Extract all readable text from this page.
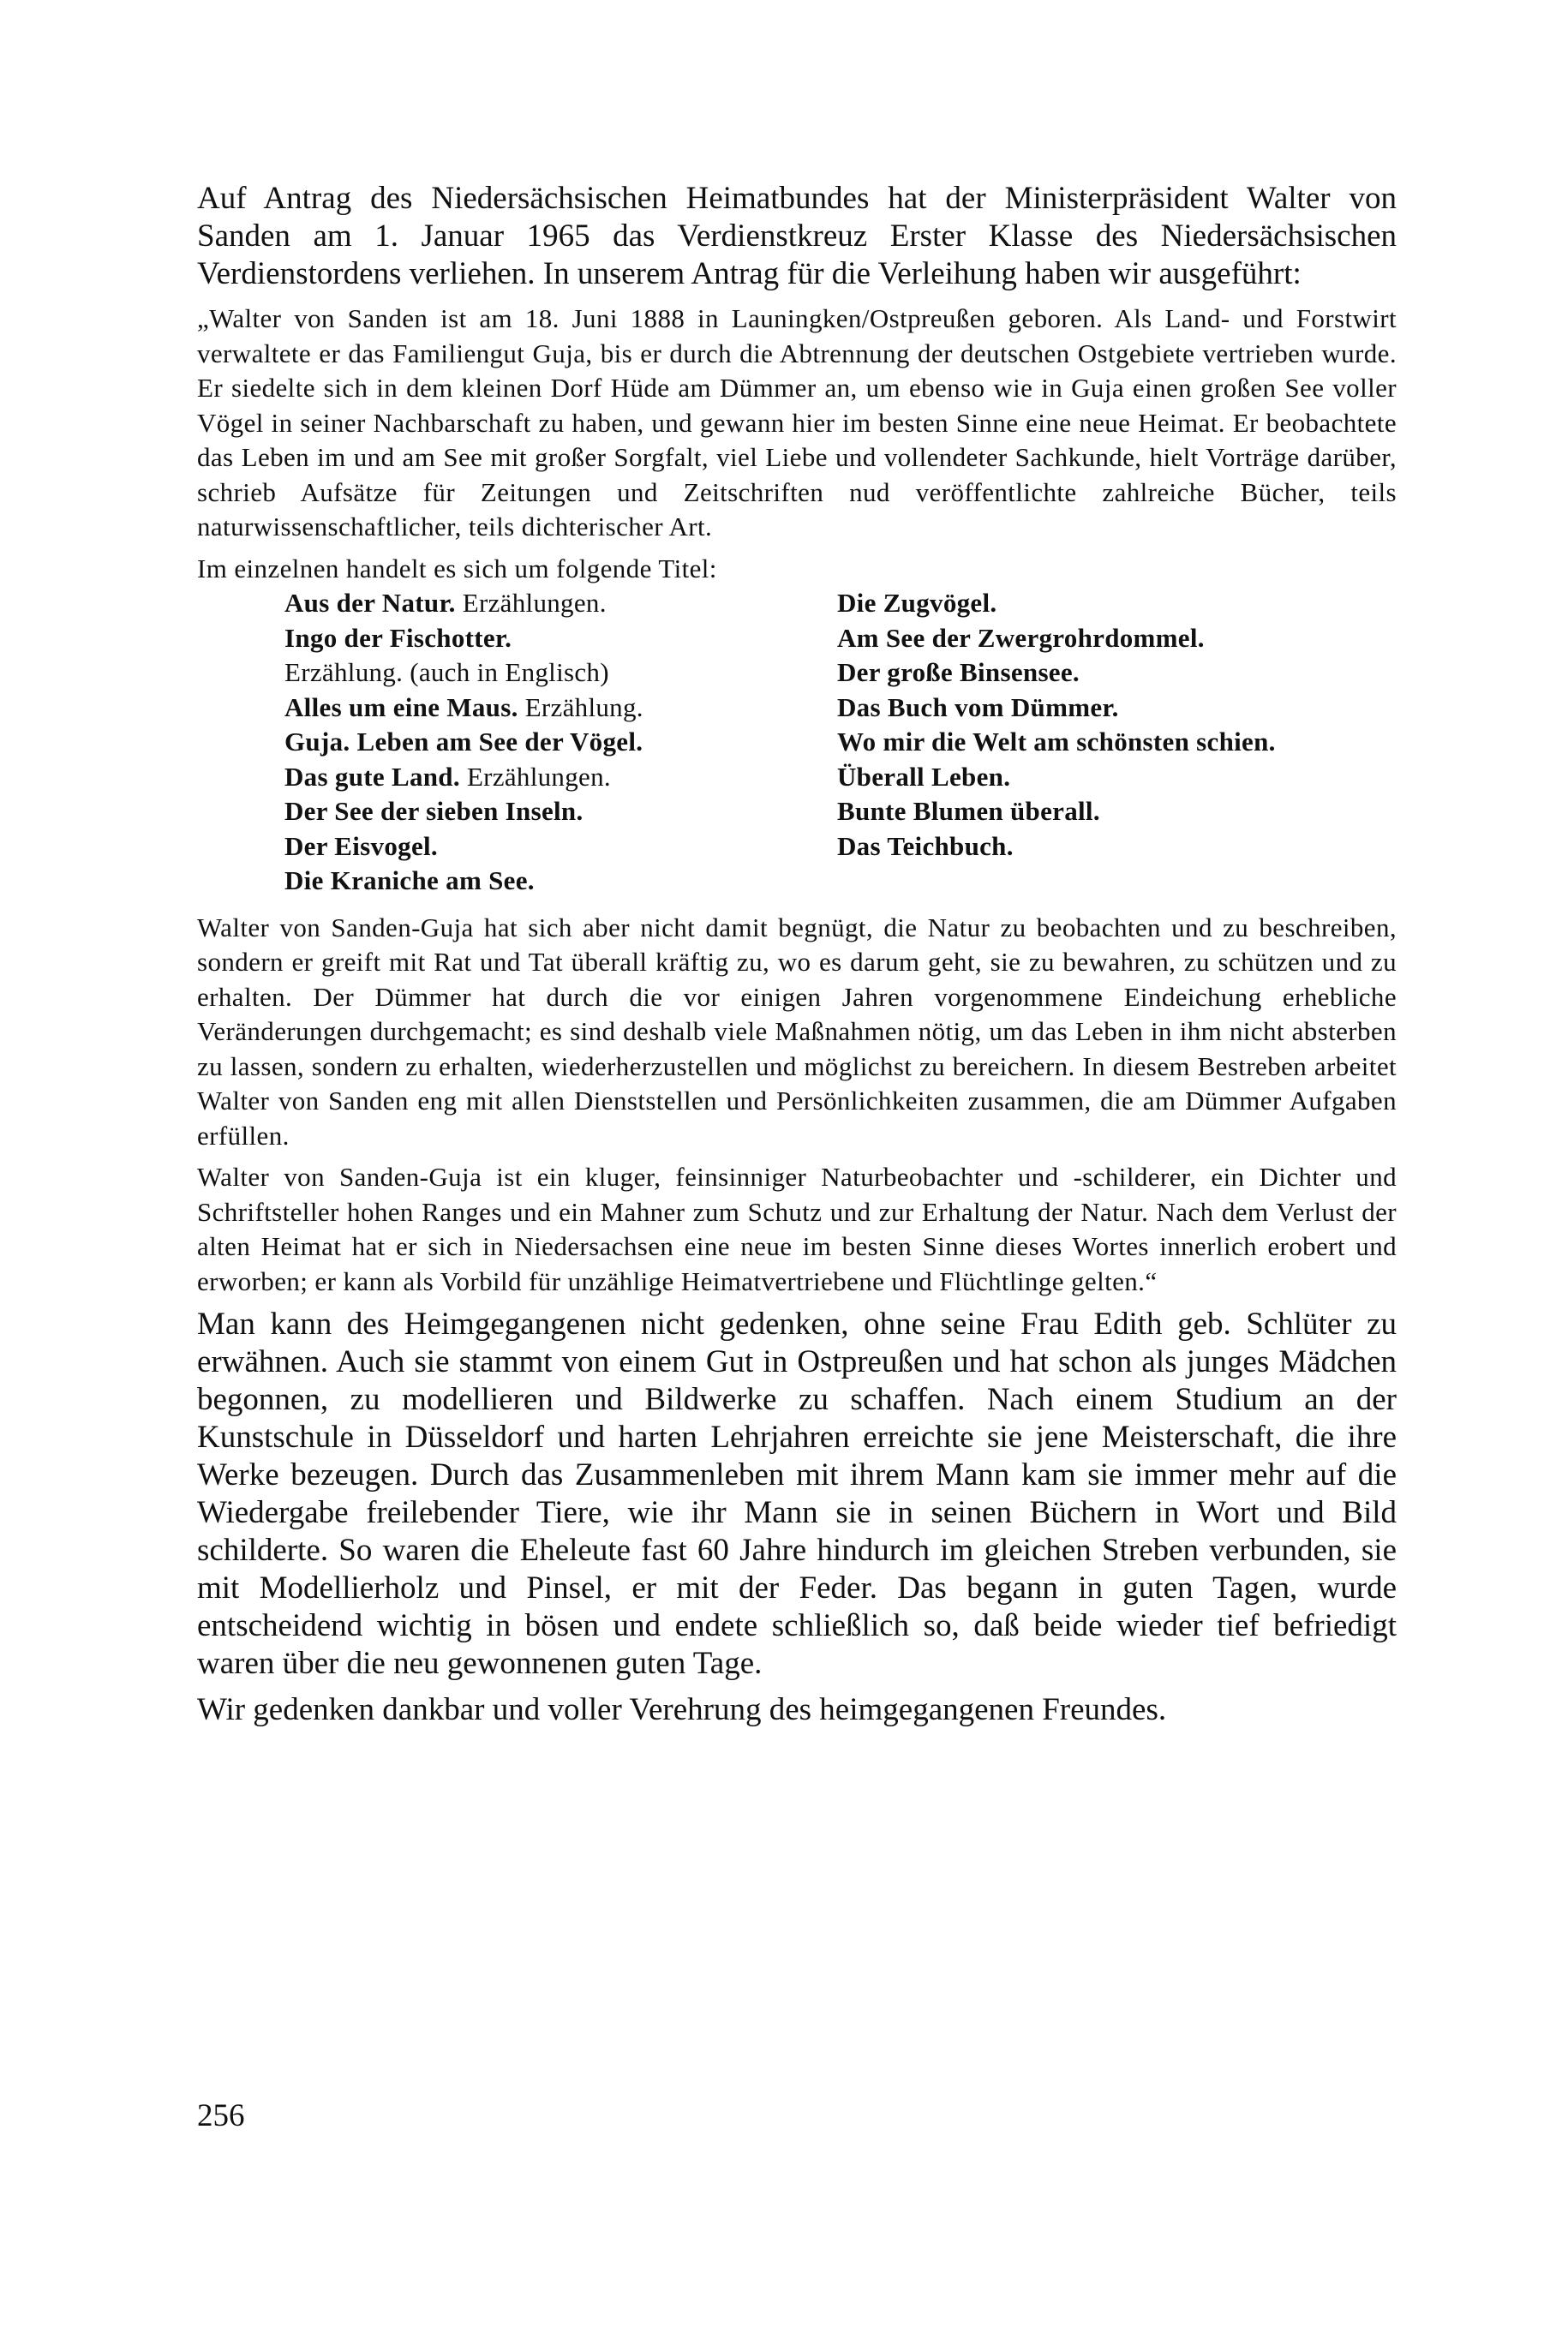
Auf Antrag des Niedersächsischen Heimatbundes hat der Ministerpräsident Walter von Sanden am 1. Januar 1965 das Verdienstkreuz Erster Klasse des Niedersächsischen Verdienstordens verliehen. In unserem Antrag für die Verleihung haben wir ausgeführt:

„Walter von Sanden ist am 18. Juni 1888 in Launingken/Ostpreußen geboren. Als Land- und Forstwirt verwaltete er das Familiengut Guja, bis er durch die Abtrennung der deutschen Ostgebiete vertrieben wurde. Er siedelte sich in dem kleinen Dorf Hüde am Dümmer an, um ebenso wie in Guja einen großen See voller Vögel in seiner Nachbarschaft zu haben, und gewann hier im besten Sinne eine neue Heimat. Er beobachtete das Leben im und am See mit großer Sorgfalt, viel Liebe und vollendeter Sachkunde, hielt Vorträge darüber, schrieb Aufsätze für Zeitungen und Zeitschriften nud veröffentlichte zahlreiche Bücher, teils naturwissenschaftlicher, teils dichterischer Art.

Im einzelnen handelt es sich um folgende Titel:

Aus der Natur. Erzählungen.
Ingo der Fischotter.
Erzählung. (auch in Englisch)
Alles um eine Maus. Erzählung.
Guja. Leben am See der Vögel.
Das gute Land. Erzählungen.
Der See der sieben Inseln.
Der Eisvogel.
Die Kraniche am See.
Die Zugvögel.
Am See der Zwergrohrdommel.
Der große Binsensee.
Das Buch vom Dümmer.
Wo mir die Welt am schönsten schien.
Überall Leben.
Bunte Blumen überall.
Das Teichbuch.

Walter von Sanden-Guja hat sich aber nicht damit begnügt, die Natur zu beobachten und zu beschreiben, sondern er greift mit Rat und Tat überall kräftig zu, wo es darum geht, sie zu bewahren, zu schützen und zu erhalten. Der Dümmer hat durch die vor einigen Jahren vorgenommene Eindeichung erhebliche Veränderungen durchgemacht; es sind deshalb viele Maßnahmen nötig, um das Leben in ihm nicht absterben zu lassen, sondern zu erhalten, wiederherzustellen und möglichst zu bereichern. In diesem Bestreben arbeitet Walter von Sanden eng mit allen Dienststellen und Persönlichkeiten zusammen, die am Dümmer Aufgaben erfüllen.

Walter von Sanden-Guja ist ein kluger, feinsinniger Naturbeobachter und -schilderer, ein Dichter und Schriftsteller hohen Ranges und ein Mahner zum Schutz und zur Erhaltung der Natur. Nach dem Verlust der alten Heimat hat er sich in Niedersachsen eine neue im besten Sinne dieses Wortes innerlich erobert und erworben; er kann als Vorbild für unzählige Heimatvertriebene und Flüchtlinge gelten.“

Man kann des Heimgegangenen nicht gedenken, ohne seine Frau Edith geb. Schlüter zu erwähnen. Auch sie stammt von einem Gut in Ostpreußen und hat schon als junges Mädchen begonnen, zu modellieren und Bildwerke zu schaffen. Nach einem Studium an der Kunstschule in Düsseldorf und harten Lehrjahren erreichte sie jene Meisterschaft, die ihre Werke bezeugen. Durch das Zusammenleben mit ihrem Mann kam sie immer mehr auf die Wiedergabe freilebender Tiere, wie ihr Mann sie in seinen Büchern in Wort und Bild schilderte. So waren die Eheleute fast 60 Jahre hindurch im gleichen Streben verbunden, sie mit Modellierholz und Pinsel, er mit der Feder. Das begann in guten Tagen, wurde entscheidend wichtig in bösen und endete schließlich so, daß beide wieder tief befriedigt waren über die neu gewonnenen guten Tage.

Wir gedenken dankbar und voller Verehrung des heimgegangenen Freundes.

256
